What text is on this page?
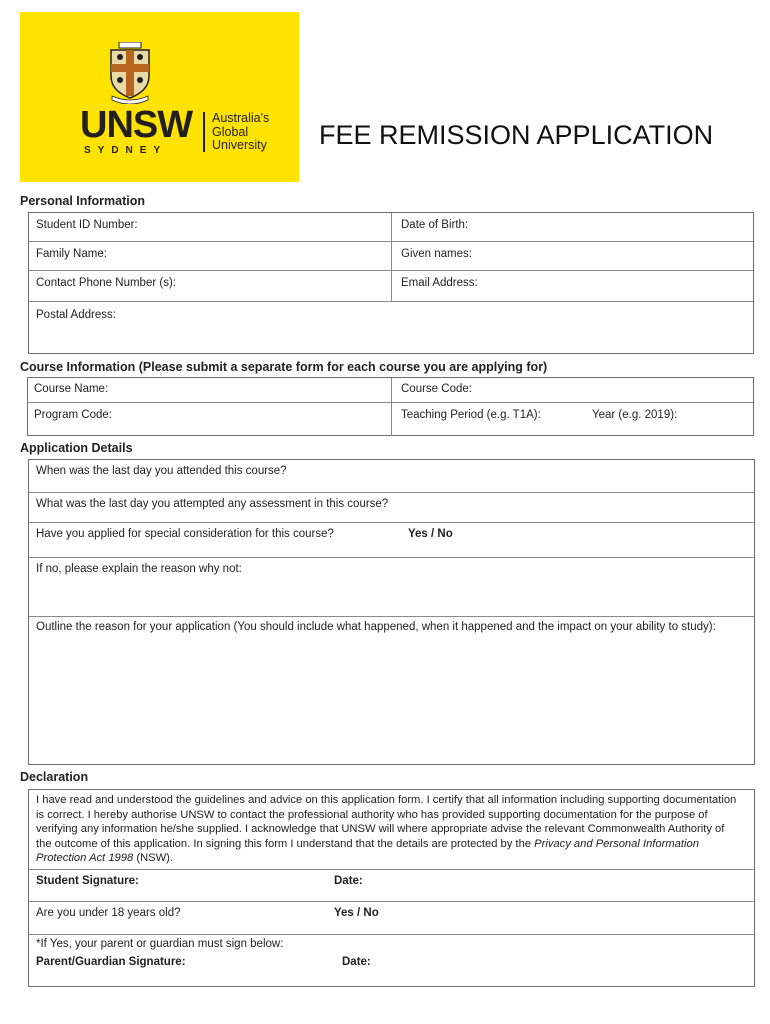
UNSW
SYDNEY
Australia's
Global
University FEE REMISSION APPLICATION
Personal Information
Student ID Number:	Date of Birth:
Family Name:	Given names:
Contact Phone Number (s):	Email Address:
Postal Address:
Course Information (Please submit a separate form for each course you are applying for)
Course Name:	Course Code:
Program Code:	Teaching Period (e.g. T1A):	Year (e.g. 2019):
Application Details
When was the last day you attended this course?
What was the last day you attempted any assessment in this course?
Have you applied for special consideration for this course?	Yes / No
If no, please explain the reason why not:
Outline the reason for your application (You should include what happened, when it happened and the impact on your ability to study):
Declaration
I have read and understood the guidelines and advice on this application form. I certify that all information including supporting documentation is correct. I hereby authorise UNSW to contact the professional authority who has provided supporting documentation for the purpose of verifying any information he/she supplied. I acknowledge that UNSW will where appropriate advise the relevant Commonwealth Authority of the outcome of this application. In signing this form I understand that the details are protected by the Privacy and Personal Information Protection Act 1998 (NSW).
Student Signature:	Date:
Are you under 18 years old?	Yes / No
*If Yes, your parent or guardian must sign below:
Parent/Guardian Signature:	Date:
